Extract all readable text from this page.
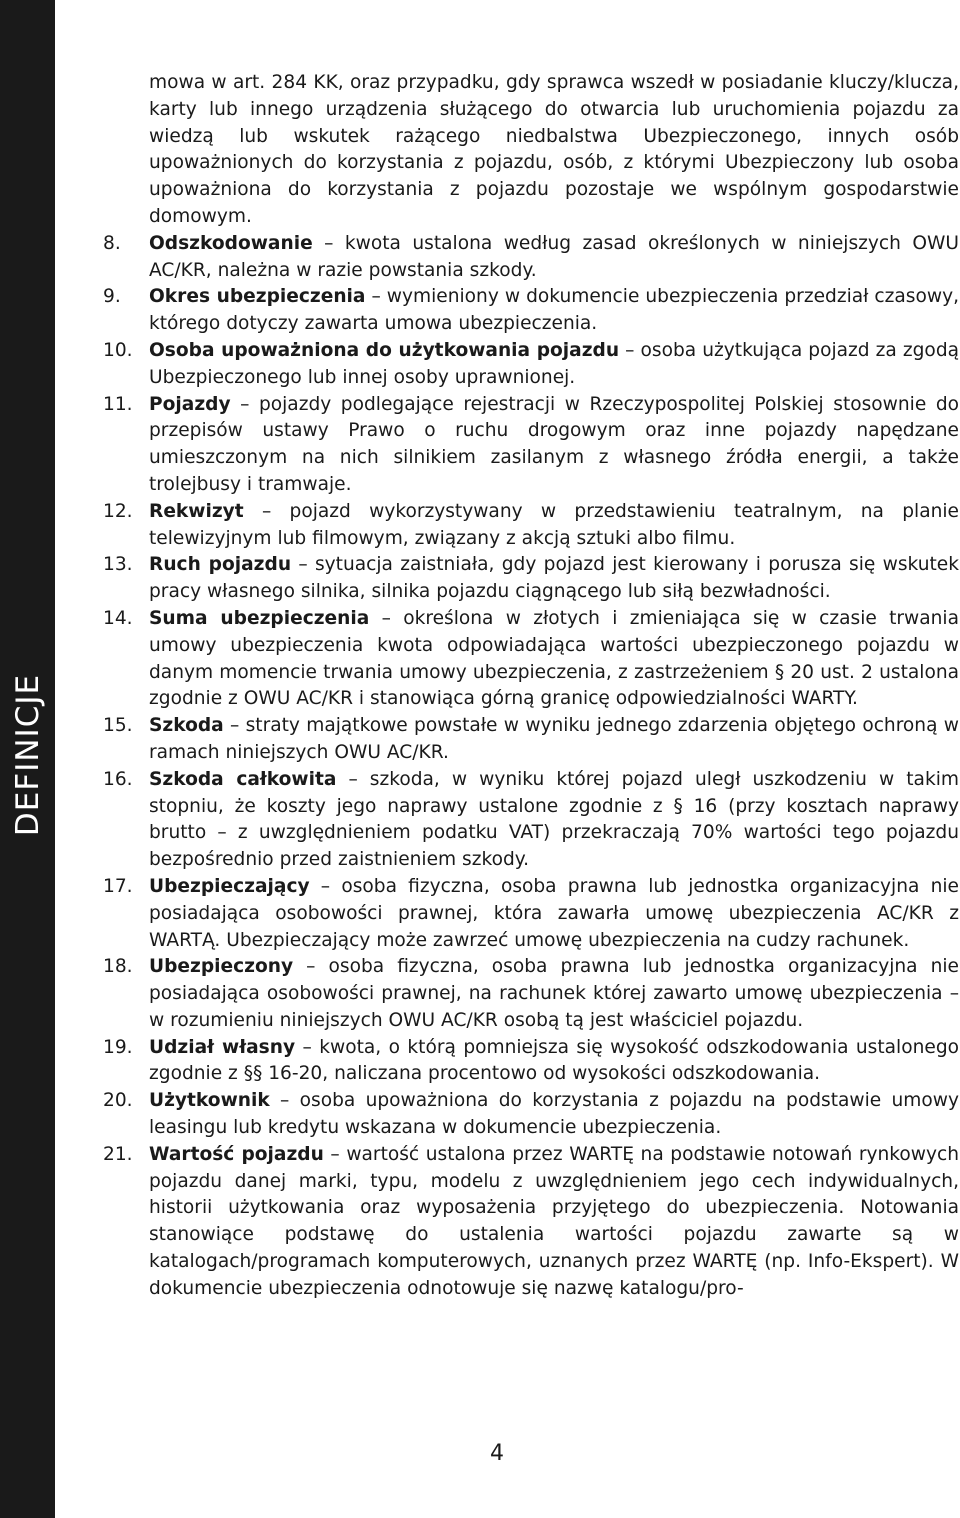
DEFINICJE
mowa w art. 284 KK, oraz przypadku, gdy sprawca wszedł w posiadanie kluczy/klucza, karty lub innego urządzenia służącego do otwarcia lub uruchomienia pojazdu za wiedzą lub wskutek rażącego niedbalstwa Ubezpieczonego, innych osób upoważnionych do korzystania z pojazdu, osób, z którymi Ubezpieczony lub osoba upoważniona do korzystania z pojazdu pozostaje we wspólnym gospodarstwie domowym.
8.	Odszkodowanie – kwota ustalona według zasad określonych w niniejszych OWU AC/KR, należna w razie powstania szkody.
9.	Okres ubezpieczenia – wymieniony w dokumencie ubezpieczenia przedział czasowy, którego dotyczy zawarta umowa ubezpieczenia.
10. Osoba upoważniona do użytkowania pojazdu – osoba użytkująca pojazd za zgodą Ubezpieczonego lub innej osoby uprawnionej.
11. Pojazdy – pojazdy podlegające rejestracji w Rzeczypospolitej Polskiej stosownie do przepisów ustawy Prawo o ruchu drogowym oraz inne pojazdy napędzane umieszczonym na nich silnikiem zasilanym z własnego źródła energii, a także trolejbusy i tramwaje.
12. Rekwizyt – pojazd wykorzystywany w przedstawieniu teatralnym, na planie telewizyjnym lub filmowym, związany z akcją sztuki albo filmu.
13. Ruch pojazdu – sytuacja zaistniała, gdy pojazd jest kierowany i porusza się wskutek pracy własnego silnika, silnika pojazdu ciągnącego lub siłą bezwładności.
14. Suma ubezpieczenia – określona w złotych i zmieniająca się w czasie trwania umowy ubezpieczenia kwota odpowiadająca wartości ubezpieczonego pojazdu w danym momencie trwania umowy ubezpieczenia, z zastrzeżeniem § 20 ust. 2 ustalona zgodnie z OWU AC/KR i stanowiąca górną granicę odpowiedzialności WARTY.
15. Szkoda – straty majątkowe powstałe w wyniku jednego zdarzenia objętego ochroną w ramach niniejszych OWU AC/KR.
16. Szkoda całkowita – szkoda, w wyniku której pojazd uległ uszkodzeniu w takim stopniu, że koszty jego naprawy ustalone zgodnie z § 16 (przy kosztach naprawy brutto – z uwzględnieniem podatku VAT) przekraczają 70% wartości tego pojazdu bezpośrednio przed zaistnieniem szkody.
17. Ubezpieczający – osoba fizyczna, osoba prawna lub jednostka organizacyjna nie posiadająca osobowości prawnej, która zawarła umowę ubezpieczenia AC/KR z WARTĄ. Ubezpieczający może zawrzeć umowę ubezpieczenia na cudzy rachunek.
18. Ubezpieczony – osoba fizyczna, osoba prawna lub jednostka organizacyjna nie posiadająca osobowości prawnej, na rachunek której zawarto umowę ubezpieczenia – w rozumieniu niniejszych OWU AC/KR osobą tą jest właściciel pojazdu.
19. Udział własny – kwota, o którą pomniejsza się wysokość odszkodowania ustalonego zgodnie z §§ 16-20, naliczana procentowo od wysokości odszkodowania.
20. Użytkownik – osoba upoważniona do korzystania z pojazdu na podstawie umowy leasingu lub kredytu wskazana w dokumencie ubezpieczenia.
21. Wartość pojazdu – wartość ustalona przez WARTĘ na podstawie notowań rynkowych pojazdu danej marki, typu, modelu z uwzględnieniem jego cech indywidualnych, historii użytkowania oraz wyposażenia przyjętego do ubezpieczenia. Notowania stanowiące podstawę do ustalenia wartości pojazdu zawarte są w katalogach/programach komputerowych, uznanych przez WARTĘ (np. Info-Ekspert). W dokumencie ubezpieczenia odnotowuje się nazwę katalogu/pro-
4
